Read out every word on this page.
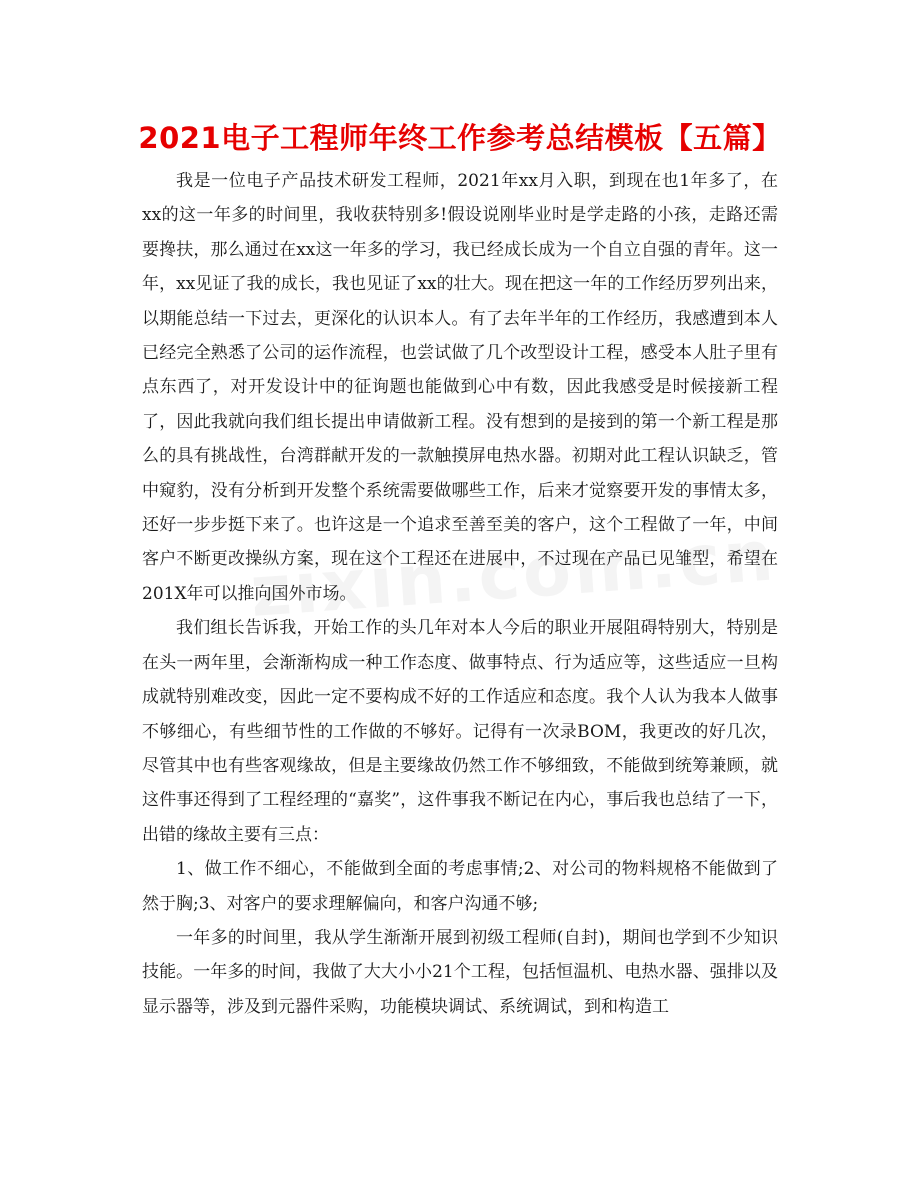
2021电子工程师年终工作参考总结模板【五篇】

我是一位电子产品技术研发工程师，2021年xx月入职，到现在也1年多了，在xx的这一年多的时间里，我收获特别多!假设说刚毕业时是学走路的小孩，走路还需要搀扶，那么通过在xx这一年多的学习，我已经成长成为一个自立自强的青年。这一年，xx见证了我的成长，我也见证了xx的壮大。现在把这一年的工作经历罗列出来，以期能总结一下过去，更深化的认识本人。有了去年半年的工作经历，我感遭到本人已经完全熟悉了公司的运作流程，也尝试做了几个改型设计工程，感受本人肚子里有点东西了，对开发设计中的征询题也能做到心中有数，因此我感受是时候接新工程了，因此我就向我们组长提出申请做新工程。没有想到的是接到的第一个新工程是那么的具有挑战性，台湾群献开发的一款触摸屏电热水器。初期对此工程认识缺乏，管中窥豹，没有分析到开发整个系统需要做哪些工作，后来才觉察要开发的事情太多，还好一步步挺下来了。也许这是一个追求至善至美的客户，这个工程做了一年，中间客户不断更改操纵方案，现在这个工程还在进展中，不过现在产品已见雏型，希望在201X年可以推向国外市场。

我们组长告诉我，开始工作的头几年对本人今后的职业开展阻碍特别大，特别是在头一两年里，会渐渐构成一种工作态度、做事特点、行为适应等，这些适应一旦构成就特别难改变，因此一定不要构成不好的工作适应和态度。我个人认为我本人做事不够细心，有些细节性的工作做的不够好。记得有一次录BOM，我更改的好几次，尽管其中也有些客观缘故，但是主要缘故仍然工作不够细致，不能做到统筹兼顾，就这件事还得到了工程经理的“嘉奖”，这件事我不断记在内心，事后我也总结了一下，出错的缘故主要有三点：

1、做工作不细心，不能做到全面的考虑事情;2、对公司的物料规格不能做到了然于胸;3、对客户的要求理解偏向，和客户沟通不够;

一年多的时间里，我从学生渐渐开展到初级工程师(自封)，期间也学到不少知识技能。一年多的时间，我做了大大小小21个工程，包括恒温机、电热水器、强排以及显示器等，涉及到元器件采购，功能模块调试、系统调试，到和构造工
